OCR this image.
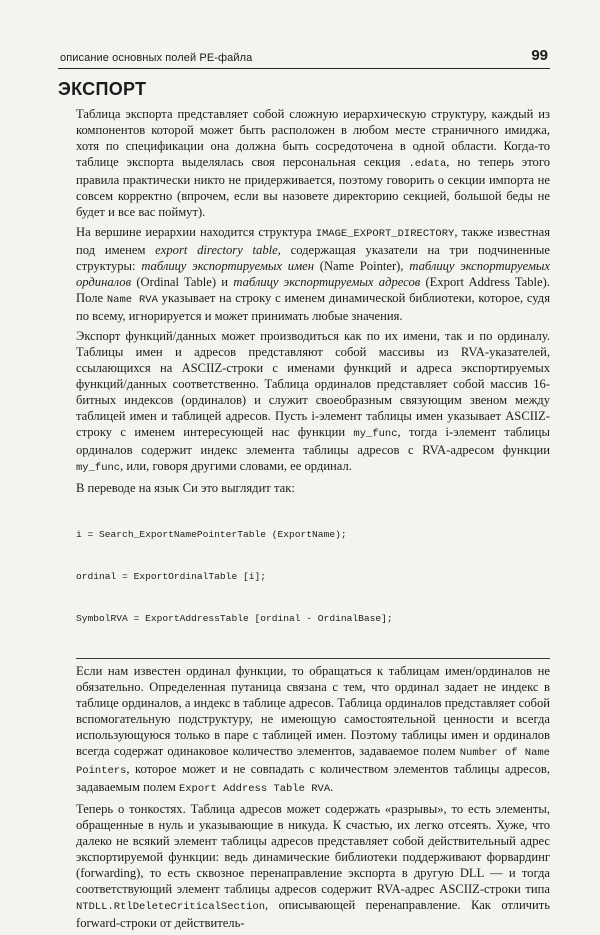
описание основных полей PE-файла	99
ЭКСПОРТ

Таблица экспорта представляет собой сложную иерархическую структуру, каждый из компонентов которой может быть расположен в любом месте страничного имиджа, хотя по спецификации она должна быть сосредоточена в одной области. Когда-то таблице экспорта выделялась своя персональная секция .edata, но теперь этого правила практически никто не придерживается, поэтому говорить о секции импорта не совсем корректно (впрочем, если вы назовете директорию секцией, большой беды не будет и все вас поймут).

На вершине иерархии находится структура IMAGE_EXPORT_DIRECTORY, также известная под именем export directory table, содержащая указатели на три подчиненные структуры: таблицу экспортируемых имен (Name Pointer), таблицу экспортируемых ординалов (Ordinal Table) и таблицу экспортируемых адресов (Export Address Table). Поле Name RVA указывает на строку с именем динамической библиотеки, которое, судя по всему, игнорируется и может принимать любые значения.

Экспорт функций/данных может производиться как по их имени, так и по ординалу. Таблицы имен и адресов представляют собой массивы из RVA-указателей, ссылающихся на ASCIIZ-строки с именами функций и адреса экспортируемых функций/данных соответственно. Таблица ординалов представляет собой массив 16-битных индексов (ординалов) и служит своеобразным связующим звеном между таблицей имен и таблицей адресов. Пусть i-элемент таблицы имен указывает ASCIIZ-строку с именем интересующей нас функции my_func, тогда i-элемент таблицы ординалов содержит индекс элемента таблицы адресов с RVA-адресом функции my_func, или, говоря другими словами, ее ординал.

В переводе на язык Си это выглядит так:

i = Search_ExportNamePointerTable (ExportName);

ordinal = ExportOrdinalTable [i];

SymbolRVA = ExportAddressTable [ordinal - OrdinalBase];

Если нам известен ординал функции, то обращаться к таблицам имен/ординалов не обязательно. Определенная путаница связана с тем, что ординал задает не индекс в таблице ординалов, а индекс в таблице адресов. Таблица ординалов представляет собой вспомогательную подструктуру, не имеющую самостоятельной ценности и всегда использующуюся только в паре с таблицей имен. Поэтому таблицы имен и ординалов всегда содержат одинаковое количество элементов, задаваемое полем Number of Name Pointers, которое может и не совпадать с количеством элементов таблицы адресов, задаваемым полем Export Address Table RVA.

Теперь о тонкостях. Таблица адресов может содержать «разрывы», то есть элементы, обращенные в нуль и указывающие в никуда. К счастью, их легко отсеять. Хуже, что далеко не всякий элемент таблицы адресов представляет собой действительный адрес экспортируемой функции: ведь динамические библиотеки поддерживают форвардинг (forwarding), то есть сквозное перенаправление экспорта в другую DLL — и тогда соответствующий элемент таблицы адресов содержит RVA-адрес ASCIIZ-строки типа NTDLL.RtlDeleteCriticalSection, описывающей перенаправление. Как отличить forward-строки от действитель-
